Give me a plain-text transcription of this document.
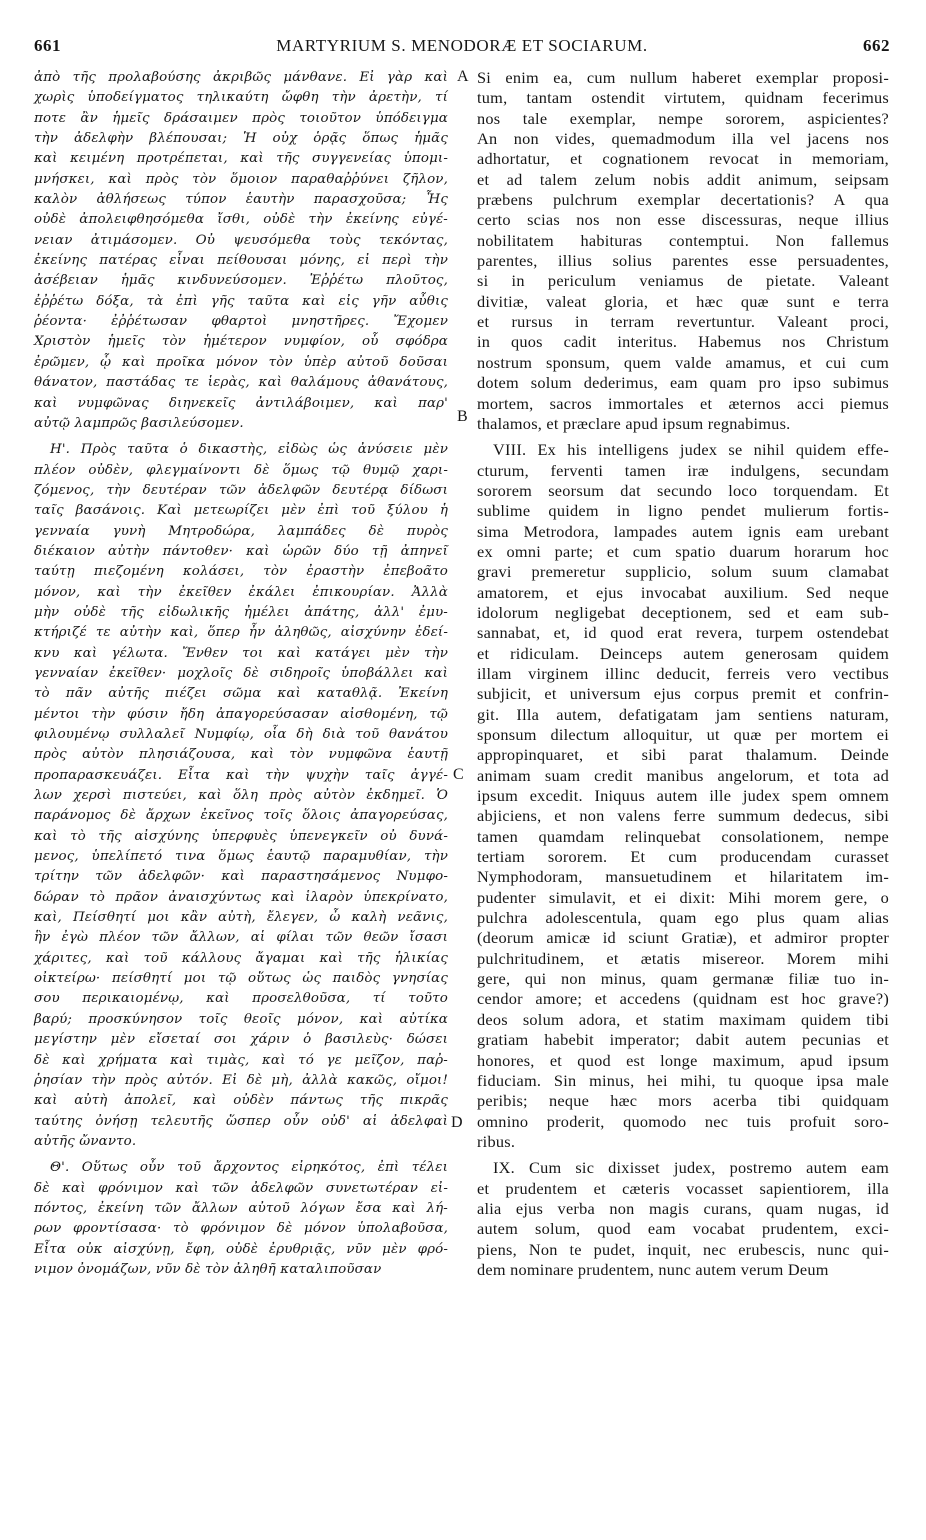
661	MARTYRIUM S. MENODORÆ ET SOCIARUM.	662
ἀπὸ τῆς προλαβούσης ἀκριβῶς μάνθανε. Εἰ γὰρ καὶ
χωρὶς ὑποδείγματος τηλικαύτη ὤφθη τὴν ἀρετὴν, τί
ποτε ἂν ἡμεῖς δράσαιμεν πρὸς τοιοῦτον ὑπόδειγμα
τὴν ἀδελφὴν βλέπουσαι; Ἡ οὐχ ὁρᾷς ὅπως ἡμᾶς
καὶ κειμένη προτρέπεται, καὶ τῆς συγγενείας ὑπομι-
μνήσκει, καὶ πρὸς τὸν ὅμοιον παραθαῤῥύνει ζῆλον,
καλὸν ἀθλήσεως τύπον ἑαυτὴν παρασχοῦσα; Ἧς
οὐδὲ ἀπολειφθησόμεθα ἴσθι, οὐδὲ τὴν ἐκείνης εὐγέ-
νειαν ἀτιμάσομεν. Οὐ ψευσόμεθα τοὺς τεκόντας,
ἐκείνης πατέρας εἶναι πείθουσαι μόνης, εἰ περὶ τὴν
ἀσέβειαν ἡμᾶς κινδυνεύσομεν. Ἐῤῥέτω πλοῦτος,
ἐῤῥέτω δόξα, τὰ ἐπὶ γῆς ταῦτα καὶ εἰς γῆν αὖθις
ῥέοντα· ἐῤῥέτωσαν φθαρτοὶ μνηστῆρες. Ἔχομεν
Χριστὸν ἡμεῖς τὸν ἡμέτερον νυμφίον, οὗ σφόδρα
ἐρῶμεν, ᾧ καὶ προῖκα μόνον τὸν ὑπὲρ αὐτοῦ δοῦσαι
θάνατον, παστάδας τε ἱερὰς, καὶ θαλάμους ἀθανάτους,
καὶ νυμφῶνας διηνεκεῖς ἀντιλάβοιμεν, καὶ παρ'
αὐτῷ λαμπρῶς βασιλεύσομεν.
Η'. Πρὸς ταῦτα ὁ δικαστὴς, εἰδὼς ὡς ἀνύσειε μὲν
πλέον οὐδὲν, φλεγμαίνοντι δὲ ὅμως τῷ θυμῷ χαρι-
ζόμενος, τὴν δευτέραν τῶν ἀδελφῶν δευτέρᾳ δίδωσι
ταῖς βασάνοις. Καὶ μετεωρίζει μὲν ἐπὶ τοῦ ξύλου ἡ
γενναία γυνὴ Μητροδώρα, λαμπάδες δὲ πυρὸς
διέκαιον αὐτὴν πάντοθεν· καὶ ὡρῶν δύο τῇ ἀπηνεῖ
ταύτῃ πιεζομένη κολάσει, τὸν ἐραστὴν ἐπεβοᾶτο
μόνον, καὶ τὴν ἐκεῖθεν ἐκάλει ἐπικουρίαν. Ἀλλὰ
μὴν οὐδὲ τῆς εἰδωλικῆς ἠμέλει ἀπάτης, ἀλλ' ἐμυ-
κτήριζέ τε αὐτὴν καὶ, ὅπερ ἦν ἀληθῶς, αἰσχύνην ἐδεί-
κνυ καὶ γέλωτα. Ἔνθεν τοι καὶ κατάγει μὲν τὴν
γενναίαν ἐκεῖθεν· μοχλοῖς δὲ σιδηροῖς ὑποβάλλει καὶ
τὸ πᾶν αὐτῆς πιέζει σῶμα καὶ καταθλᾷ. Ἐκείνη
μέντοι τὴν φύσιν ἤδη ἀπαγορεύσασαν αἰσθομένη, τῷ
φιλουμένῳ συλλαλεῖ Νυμφίῳ, οἷα δὴ διὰ τοῦ θανάτου
πρὸς αὐτὸν πλησιάζουσα, καὶ τὸν νυμφῶνα ἑαυτῇ
προπαρασκευάζει. Εἶτα καὶ τὴν ψυχὴν ταῖς ἀγγέ-
λων χερσὶ πιστεύει, καὶ ὅλη πρὸς αὐτὸν ἐκδημεῖ. Ὁ
παράνομος δὲ ἄρχων ἐκεῖνος τοῖς ὅλοις ἀπαγορεύσας,
καὶ τὸ τῆς αἰσχύνης ὑπερφυὲς ὑπενεγκεῖν οὐ δυνά-
μενος, ὑπελίπετό τινα ὅμως ἑαυτῷ παραμυθίαν, τὴν
τρίτην τῶν ἀδελφῶν· καὶ παραστησάμενος Νυμφο-
δώραν τὸ πρᾶον ἀναισχύντως καὶ ἱλαρὸν ὑπεκρίνατο,
καὶ, Πείσθητί μοι κἂν αὐτὴ, ἔλεγεν, ὦ καλὴ νεᾶνις,
ἣν ἐγὼ πλέον τῶν ἄλλων, αἱ φίλαι τῶν θεῶν ἴσασι
χάριτες, καὶ τοῦ κάλλους ἄγαμαι καὶ τῆς ἡλικίας
οἰκτείρω· πείσθητί μοι τῷ οὕτως ὡς παιδὸς γνησίας
σου περικαιομένῳ, καὶ προσελθοῦσα, τί τοῦτο
βαρύ; προσκύνησον τοῖς θεοῖς μόνον, καὶ αὐτίκα
μεγίστην μὲν εἴσεταί σοι χάριν ὁ βασιλεὺς· δώσει
δὲ καὶ χρήματα καὶ τιμὰς, καὶ τό γε μεῖζον, παῤ-
ῥησίαν τὴν πρὸς αὐτόν. Εἰ δὲ μὴ, ἀλλὰ κακῶς, οἴμοι!
καὶ αὐτὴ ἀπολεῖ, καὶ οὐδὲν πάντως τῆς πικρᾶς
ταύτης ὀνήσῃ τελευτῆς ὥσπερ οὖν οὐδ' αἱ ἀδελφαὶ
αὐτῆς ὤναντο.
Θ'. Οὕτως οὖν τοῦ ἄρχοντος εἰρηκότος, ἐπὶ τέλει
δὲ καὶ φρόνιμον καὶ τῶν ἀδελφῶν συνετωτέραν εἰ-
πόντος, ἐκείνη τῶν ἄλλων αὐτοῦ λόγων ἔσα καὶ λή-
ρων φροντίσασα· τὸ φρόνιμον δὲ μόνον ὑπολαβοῦσα,
Εἶτα οὐκ αἰσχύνῃ, ἔφη, οὐδὲ ἐρυθριᾷς, νῦν μὲν φρό-
νιμον ὀνομάζων, νῦν δὲ τὸν ἀληθῆ καταλιποῦσαν
Si enim ea, cum nullum haberet exemplar proposi-
tum, tantam ostendit virtutem, quidnam fecerimus
nos tale exemplar, nempe sororem, aspicientes?
An non vides, quemadmodum illa vel jacens nos
adhortatur, et cognationem revocat in memoriam,
et ad talem zelum nobis addit animum, seipsam
præbens pulchrum exemplar decertationis? A qua
certo scias nos non esse discessuras, neque illius
nobilitatem habituras contemptui. Non fallemus
parentes, illius solius parentes esse persuadentes,
si in periculum veniamus de pietate. Valeant
divitiæ, valeat gloria, et hæc quæ sunt e terra
et rursus in terram revertuntur. Valeant proci,
in quos cadit interitus. Habemus nos Christum
nostrum sponsum, quem valde amamus, et cui cum
dotem solum dederimus, eam quam pro ipso subimus
mortem, sacros immortales et æternos acci piemus
thalamos, et præclare apud ipsum regnabimus.
VIII. Ex his intelligens judex se nihil quidem effe-
cturum, ferventi tamen iræ indulgens, secundam
sororem seorsum dat secundo loco torquendam. Et
sublime quidem in ligno pendet mulierum fortis-
sima Metrodora, lampades autem ignis eam urebant
ex omni parte; et cum spatio duarum horarum hoc
gravi premeretur supplicio, solum suum clamabat
amatorem, et ejus invocabat auxilium. Sed neque
idolorum negligebat deceptionem, sed et eam sub-
sannabat, et, id quod erat revera, turpem ostendebat
et ridiculam. Deinceps autem generosam quidem
illam virginem illinc deducit, ferreis vero vectibus
subjicit, et universum ejus corpus premit et confrin-
git. Illa autem, defatigatam jam sentiens naturam,
sponsum dilectum alloquitur, ut quæ per mortem ei
appropinquaret, et sibi parat thalamum. Deinde
animam suam credit manibus angelorum, et tota ad
ipsum excedit. Iniquus autem ille judex spem omnem
abjiciens, et non valens ferre summum dedecus, sibi
tamen quamdam relinquebat consolationem, nempe
tertiam sororem. Et cum producendam curasset
Nymphodoram, mansuetudinem et hilaritatem im-
pudenter simulavit, et ei dixit: Mihi morem gere, o
pulchra adolescentula, quam ego plus quam alias
(deorum amicæ id sciunt Gratiæ), et admiror propter
pulchritudinem, et ætatis misereor. Morem mihi
gere, qui non minus, quam germanæ filiæ tuo in-
cendor amore; et accedens (quidnam est hoc grave?)
deos solum adora, et statim maximam quidem tibi
gratiam habebit imperator; dabit autem pecunias et
honores, et quod est longe maximum, apud ipsum
fiduciam. Sin minus, hei mihi, tu quoque ipsa male
peribis; neque hæc mors acerba tibi quidquam
omnino proderit, quomodo nec tuis profuit soro-
ribus.
IX. Cum sic dixisset judex, postremo autem eam
et prudentem et cæteris vocasset sapientiorem, illa
alia ejus verba non magis curans, quam nugas, id
autem solum, quod eam vocabat prudentem, exci-
piens, Non te pudet, inquit, nec erubescis, nunc qui-
dem nominare prudentem, nunc autem verum Deum
A
B
C
D
